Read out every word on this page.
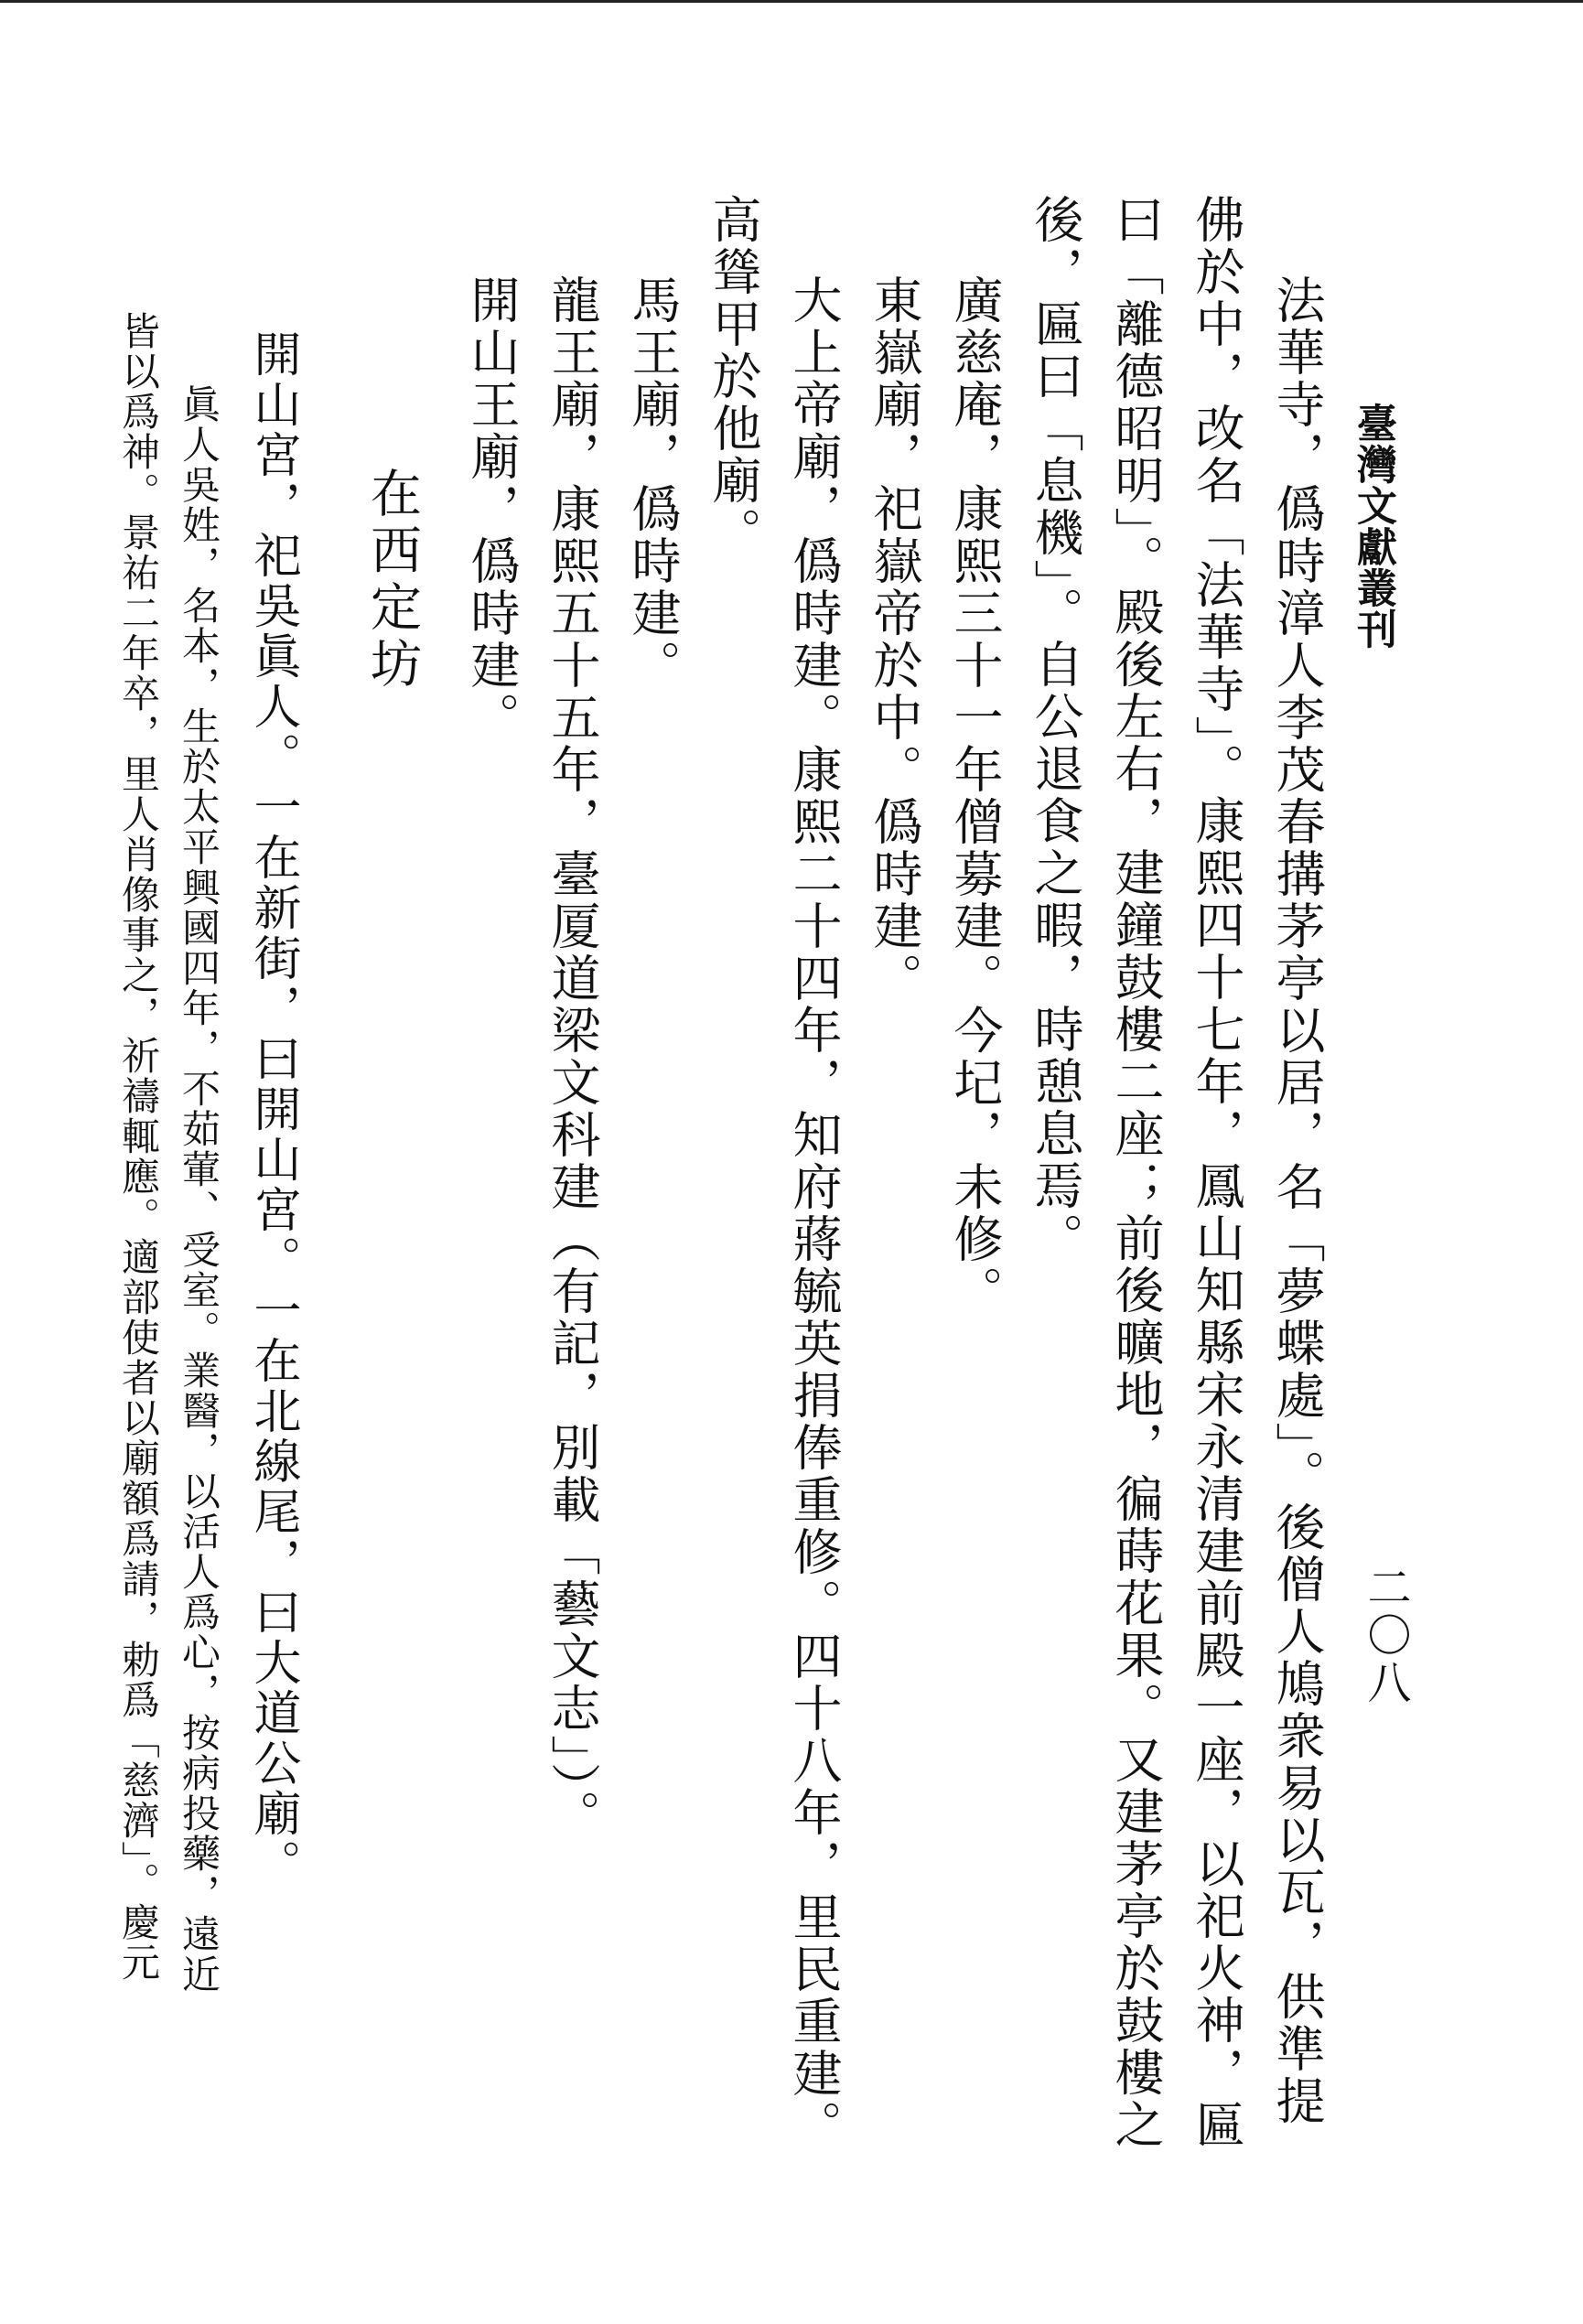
臺灣文獻叢刊
二〇八
法華寺，僞時漳人李茂春搆茅亭以居，名「夢蝶處」。後僧人鳩衆易以瓦，供準提
佛於中，改名「法華寺」。康熙四十七年，鳳山知縣宋永清建前殿一座，以祀火神，匾
曰「離德昭明」。殿後左右，建鐘鼓樓二座；前後曠地，徧蒔花果。又建茅亭於鼓樓之
後，匾曰「息機」。自公退食之暇，時憩息焉。
廣慈庵，康熙三十一年僧募建。今圮，未修。
東嶽廟，祀嶽帝於中。僞時建。
大上帝廟，僞時建。康熙二十四年，知府蔣毓英捐俸重修。四十八年，里民重建。
高聳甲於他廟。
馬王廟，僞時建。
龍王廟，康熙五十五年，臺厦道梁文科建（有記，別載「藝文志」）。
開山王廟，僞時建。
在西定坊
開山宮，祀吳眞人。一在新街，曰開山宮。一在北線尾，曰大道公廟。
眞人吳姓，名本，生於太平興國四年，不茹葷、受室。業醫，以活人爲心，按病投藥，遠近
皆以爲神。景祐二年卒，里人肖像事之，祈禱輒應。適部使者以廟額爲請，勅爲「慈濟」。慶元
